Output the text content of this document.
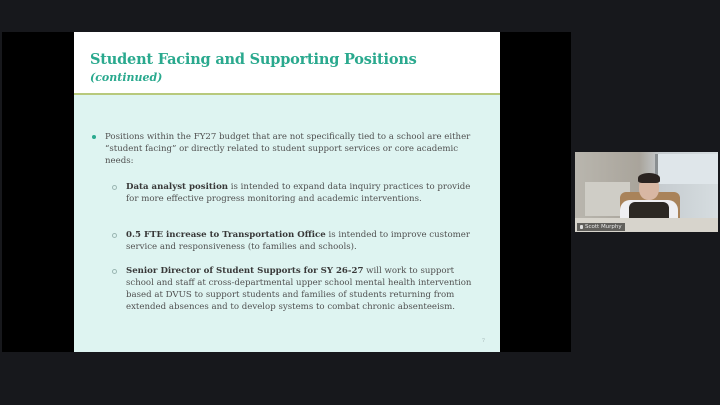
Student Facing and Supporting Positions
(continued)
Positions within the FY27 budget that are not specifically tied to a school are either “student facing” or directly related to student support services or core academic needs:
Data analyst position is intended to expand data inquiry practices to provide for more effective progress monitoring and academic interventions.
0.5 FTE increase to Transportation Office is intended to improve customer service and responsiveness (to families and schools).
Senior Director of Student Supports for SY 26-27 will work to support school and staff at cross-departmental upper school mental health intervention based at DVUS to support students and families of students returning from extended absences and to develop systems to combat chronic absenteeism.
7
Scott Murphy
